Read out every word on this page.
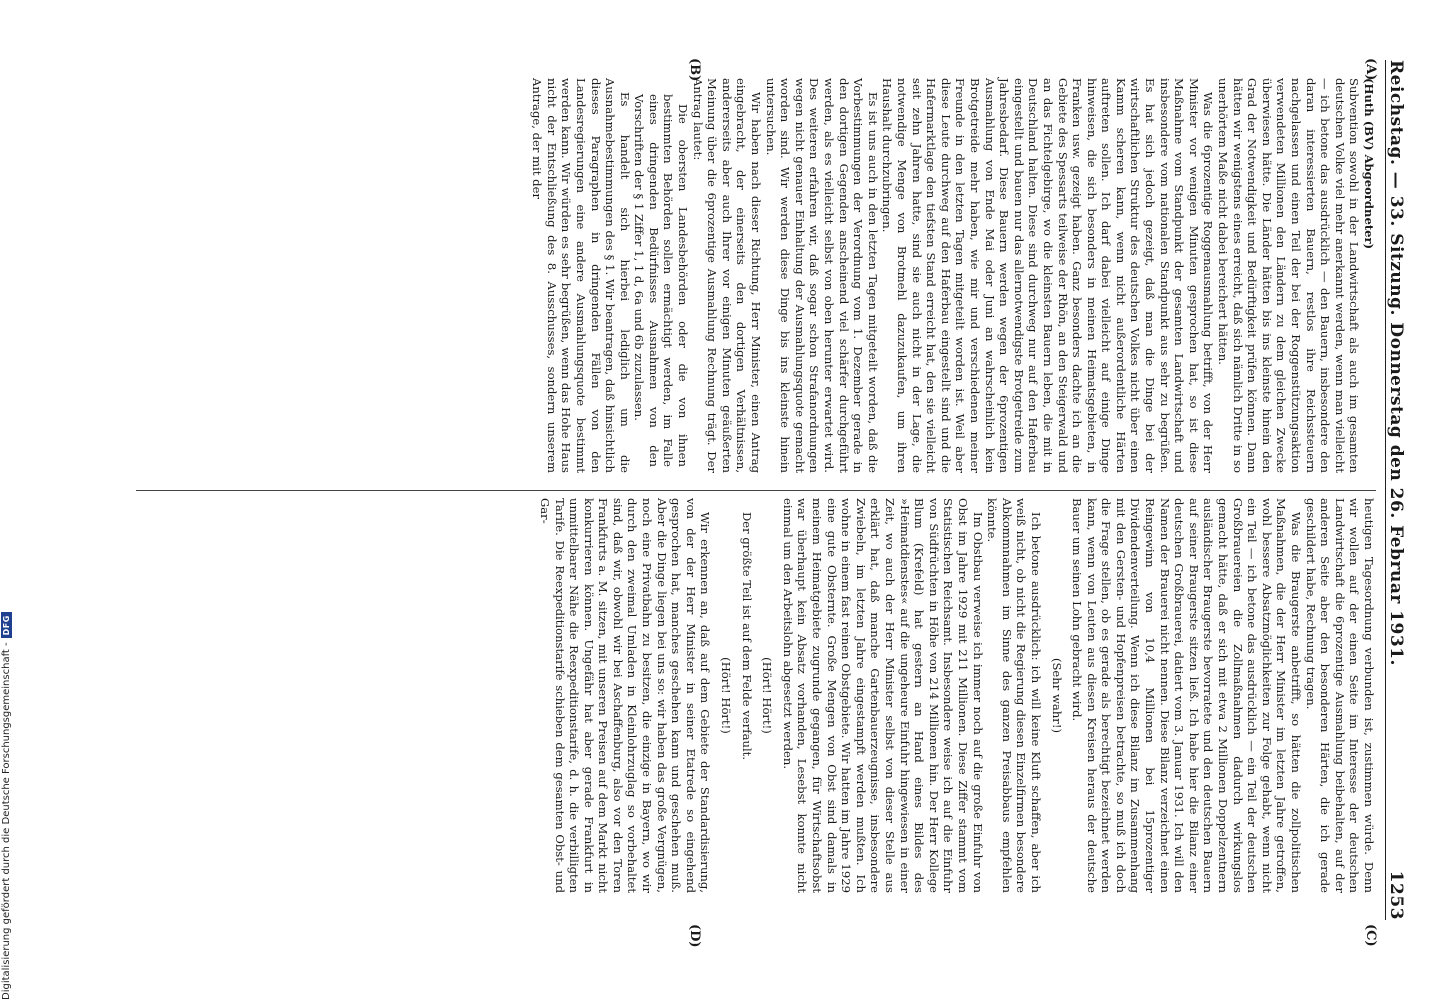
Digitalisierung gefördert durch die Deutsche Forschungsgemeinschaft -
DFG	Reichstag. — 33. Sitzung. Donnerstag den 26. Februar 1931.
1253
(A)
(B)
(C)
(D)

(Huth (BV) Abgeordneter)

Subvention sowohl in der Landwirtschaft als auch im gesamten deutschen Volke viel mehr anerkannt werden, wenn man vielleicht — ich betone das ausdrücklich — den Bauern, insbesondere den daran interessierten Bauern, restlos ihre Reichssteuern nachgelassen und einen Teil der bei der Roggenstützungsaktion verwendeten Millionen den Ländern zu dem gleichen Zwecke überwiesen hätte. Die Länder hätten bis ins kleinste hinein den Grad der Notwendigkeit und Bedürftigkeit prüfen können. Dann hätten wir wenigstens eines erreicht, daß sich nämlich Dritte in so unerhörtem Maße nicht dabei bereichert hätten.

Was die 6prozentige Roggenausmahlung betrifft, von der Herr Minister vor wenigen Minuten gesprochen hat, so ist diese Maßnahme vom Standpunkt der gesamten Landwirtschaft und insbesondere vom nationalen Standpunkt aus sehr zu begrüßen. Es hat sich jedoch gezeigt, daß man die Dinge bei der wirtschaftlichen Struktur des deutschen Volkes nicht über einen Kamm scheren kann, wenn nicht außerordentliche Härten auftreten sollen. Ich darf dabei vielleicht auf einige Dinge hinweisen, die sich besonders in meinen Heimatsgebieten, in Franken usw. gezeigt haben. Ganz besonders dachte ich an die Gebiete des Spessarts teilweise der Rhön, an den Steigerwald und an das Fichtelgebirge, wo die kleinsten Bauern leben, die mit in Deutschland halten. Diese sind durchweg nur auf den Haferbau eingestellt und bauen nur das allernotwendigste Brotgetreide zum Jahresbedarf. Diese Bauern werden wegen der 6prozentigen Ausmahlung von Ende Mai oder Juni an wahrscheinlich kein Brotgetreide mehr haben, wie mir und verschiedenen meiner Freunde in den letzten Tagen mitgeteilt worden ist. Weil aber diese Leute durchweg auf den Haferbau eingestellt sind und die Hafermarktlage den tiefsten Stand erreicht hat, den sie vielleicht seit zehn Jahren hatte, sind sie auch nicht in der Lage, die notwendige Menge von Brotmehl dazuzukaufen, um ihren Haushalt durchzubringen.

Es ist uns auch in den letzten Tagen mitgeteilt worden, daß die Vorbestimmungen der Verordnung vom 1. Dezember gerade in den dortigen Gegenden anscheinend viel schärfer durchgeführt werden, als es vielleicht selbst von oben herunter erwartet wird. Des weiteren erfahren wir, daß sogar schon Strafanordnungen wegen nicht genauer Einhaltung der Ausmahlungsquote gemacht worden sind. Wir werden diese Dinge bis ins kleinste hinein untersuchen.

Wir haben nach dieser Richtung, Herr Minister, einen Antrag eingebracht, der einerseits den dortigen Verhältnissen, andererseits aber auch Ihrer vor einigen Minuten geäußerten Meinung über die 6prozentige Ausmahlung Rechnung trägt. Der Antrag lautet:

Die obersten Landesbehörden oder die von ihnen bestimmten Behörden sollen ermächtigt werden, im Falle eines dringenden Bedürfnisses Ausnahmen von den Vorschriften der § 1 Ziffer 1, 1 d, 6a und 6b zuzulassen.

Es handelt sich hierbei lediglich um die Ausnahmebestimmungen des § 1. Wir beantragen, daß hinsichtlich dieses Paragraphen in dringenden Fällen von den Landesregierungen eine andere Ausmahlungsquote bestimmt werden kann. Wir würden es sehr begrüßen, wenn das Hohe Haus nicht der Entschließung des 8. Ausschusses, sondern unserem Antrage, der mit der

heutigen Tagesordnung verbunden ist, zustimmen würde. Denn wir wollen auf der einen Seite im Interesse der deutschen Landwirtschaft die 6prozentige Ausmahlung beibehalten, auf der anderen Seite aber den besonderen Härten, die ich gerade geschildert habe, Rechnung tragen.

Was die Braugerste anbetrifft, so hätten die zollpolitischen Maßnahmen, die der Herr Minister im letzten Jahre getroffen, wohl bessere Absatzmöglichkeiten zur Folge gehabt, wenn nicht ein Teil — ich betone das ausdrücklich — ein Teil der deutschen Großbrauereien die Zollmaßnahmen dadurch wirkungslos gemacht hätte, daß er sich mit etwa 2 Millionen Doppelzentnern ausländischer Braugerste bevorratete und den deutschen Bauern auf seiner Braugerste sitzen ließ. Ich habe hier die Bilanz einer deutschen Großbrauerei, datiert vom 3. Januar 1931. Ich will den Namen der Brauerei nicht nennen. Diese Bilanz verzeichnet einen Reingewinn von 10,4 Millionen bei 15prozentiger Dividendenverteilung. Wenn ich diese Bilanz im Zusammenhang mit den Gersten- und Hopfenpreisen betrachte, so muß ich doch die Frage stellen, ob es gerade als berechtigt bezeichnet werden kann, wenn von Leuten aus diesen Kreisen heraus der deutsche Bauer um seinen Lohn gebracht wird.

(Sehr wahr!)

Ich betone ausdrücklich: ich will keine Kluft schaffen, aber ich weiß nicht, ob nicht die Regierung diesen Einzelfirmen besondere Abkommnahmen im Sinne des ganzen Preisabbaus empfehlen könnte.

Im Obstbau verweise ich immer noch auf die große Einfuhr von Obst im Jahre 1929 mit 211 Millionen. Diese Ziffer stammt vom Statistischen Reichsamt. Insbesondere weise ich auf die Einfuhr von Südfrüchten in Höhe von 214 Millionen hin. Der Herr Kollege Blum (Krefeld) hat gestern an Hand eines Bildes des »Heimatdienstes« auf die ungeheure Einfuhr hingewiesen in einer Zeit, wo auch der Herr Minister selbst von dieser Stelle aus erklärt hat, daß manche Gartenbauerzeugnisse, insbesondere Zwiebeln, im letzten Jahre eingestampft werden mußten. Ich wohne in einem fast reinen Obstgebiete. Wir hatten im Jahre 1929 eine gute Obsternte. Große Mengen von Obst sind damals in meinem Heimatgebiete zugrunde gegangen, für Wirtschaftsobst war überhaupt kein Absatz vorhanden, Lesebst konnte nicht einmal um den Arbeitslohn abgesetzt werden.

(Hört! Hört!)

Der größte Teil ist auf dem Felde verfault.

(Hört! Hört!)

Wir erkennen an, daß auf dem Gebiete der Standardisierung, von der der Herr Minister in seiner Etatrede so eingehend gesprochen hat, manches geschehen kann und geschehen muß. Aber die Dinge liegen bei uns so: wir haben das große Vergnügen, noch eine Privatbahn zu besitzen, die einzige in Bayern, wo wir durch den zweimal Umladen in Kleinlohrzuglag so vorbehaltet sind, daß wir, obwohl wir bei Aschaffenburg, also vor den Toren Frankfurts a. M. sitzen, mit unseren Preisen auf dem Markt nicht konkurrieren können. Ungefähr hat aber gerade Frankfurt in unmittelbarer Nähe die Reexpeditionstarife, d. h. die verbilligten Tarife. Die Reexpeditionstarife schieben dem gesamten Obst- und Gar-
